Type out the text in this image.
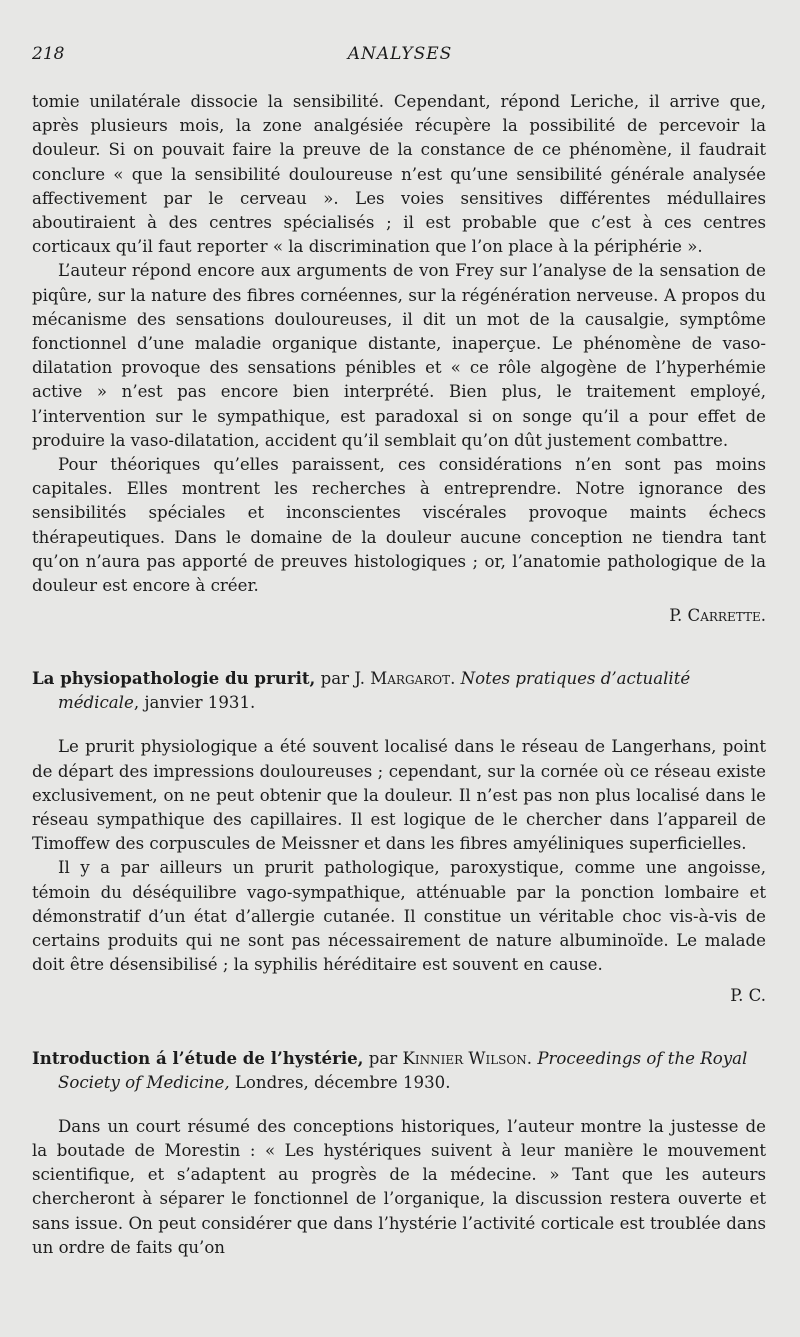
218	ANALYSES

tomie unilatérale dissocie la sensibilité. Cependant, répond Leriche, il arrive que, après plusieurs mois, la zone analgésiée récupère la possibilité de percevoir la douleur. Si on pouvait faire la preuve de la constance de ce phénomène, il faudrait conclure « que la sensibilité douloureuse n’est qu’une sensibilité générale analysée affectivement par le cerveau ». Les voies sensitives différentes médullaires aboutiraient à des centres spécialisés ; il est probable que c’est à ces centres corticaux qu’il faut reporter « la discrimination que l’on place à la périphérie ».

L’auteur répond encore aux arguments de von Frey sur l’analyse de la sensation de piqûre, sur la nature des fibres cornéennes, sur la régénération nerveuse. A propos du mécanisme des sensations douloureuses, il dit un mot de la causalgie, symptôme fonctionnel d’une maladie organique distante, inaperçue. Le phénomène de vaso-dilatation provoque des sensations pénibles et « ce rôle algogène de l’hyperhémie active » n’est pas encore bien interprété. Bien plus, le traitement employé, l’intervention sur le sympathique, est paradoxal si on songe qu’il a pour effet de produire la vaso-dilatation, accident qu’il semblait qu’on dût justement combattre.

Pour théoriques qu’elles paraissent, ces considérations n’en sont pas moins capitales. Elles montrent les recherches à entreprendre. Notre ignorance des sensibilités spéciales et inconscientes viscérales provoque maints échecs thérapeutiques. Dans le domaine de la douleur aucune conception ne tiendra tant qu’on n’aura pas apporté de preuves histologiques ; or, l’anatomie pathologique de la douleur est encore à créer.

P. Carrette.
La physiopathologie du prurit, par J. Margarot. Notes pratiques d’actualité médicale, janvier 1931.

Le prurit physiologique a été souvent localisé dans le réseau de Langerhans, point de départ des impressions douloureuses ; cependant, sur la cornée où ce réseau existe exclusivement, on ne peut obtenir que la douleur. Il n’est pas non plus localisé dans le réseau sympathique des capillaires. Il est logique de le chercher dans l’appareil de Timoffew des corpuscules de Meissner et dans les fibres amyéliniques superficielles.

Il y a par ailleurs un prurit pathologique, paroxystique, comme une angoisse, témoin du déséquilibre vago-sympathique, atténuable par la ponction lombaire et démonstratif d’un état d’allergie cutanée. Il constitue un véritable choc vis-à-vis de certains produits qui ne sont pas nécessairement de nature albuminoïde. Le malade doit être désensibilisé ; la syphilis héréditaire est souvent en cause.

P. C.
Introduction á l’étude de l’hystérie, par Kinnier Wilson. Proceedings of the Royal Society of Medicine, Londres, décembre 1930.

Dans un court résumé des conceptions historiques, l’auteur montre la justesse de la boutade de Morestin : « Les hystériques suivent à leur manière le mouvement scientifique, et s’adaptent au progrès de la médecine. » Tant que les auteurs chercheront à séparer le fonctionnel de l’organique, la discussion restera ouverte et sans issue. On peut considérer que dans l’hystérie l’activité corticale est troublée dans un ordre de faits qu’on
